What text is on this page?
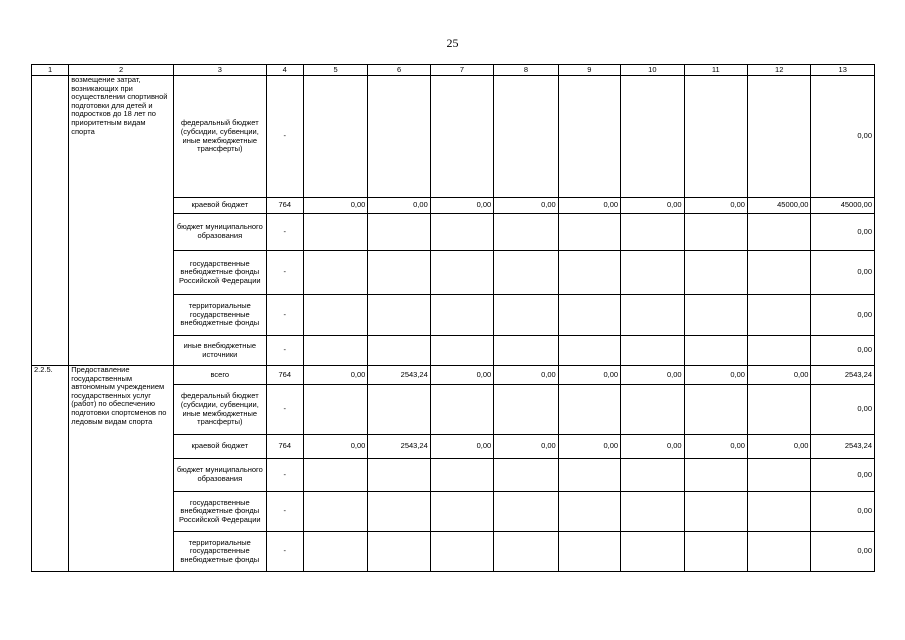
25
1	2	3	4	5	6	7	8	9	10	11	12	13
	возмещение затрат, возникающих при осуществлении спортивной подготовки для детей и подростков до 18 лет по приоритетным видам спорта	федеральный бюджет (субсидии, субвенции, иные межбюджетные трансферты)	-									0,00
		краевой бюджет	764	0,00	0,00	0,00	0,00	0,00	0,00	0,00	45000,00	45000,00
		бюджет муниципального образования	-									0,00
		государственные внебюджетные фонды Российской Федерации	-									0,00
		территориальные государственные внебюджетные фонды	-									0,00
		иные внебюджетные источники	-									0,00
2.2.5.	Предоставление государственным автономным учреждением государственных услуг (работ) по обеспечению подготовки спортсменов по ледовым видам спорта	всего	764	0,00	2543,24	0,00	0,00	0,00	0,00	0,00	0,00	2543,24
		федеральный бюджет (субсидии, субвенции, иные межбюджетные трансферты)	-									0,00
		краевой бюджет	764	0,00	2543,24	0,00	0,00	0,00	0,00	0,00	0,00	2543,24
		бюджет муниципального образования	-									0,00
		государственные внебюджетные фонды Российской Федерации	-									0,00
		территориальные государственные внебюджетные фонды	-									0,00
